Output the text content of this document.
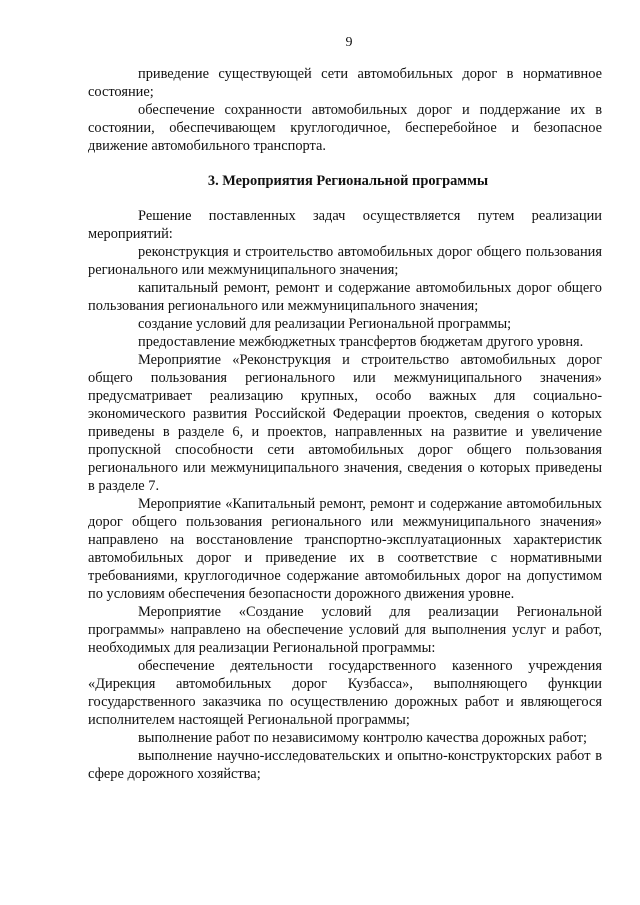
9

приведение существующей сети автомобильных дорог в нормативное состояние;

обеспечение сохранности автомобильных дорог и поддержание их в состоянии, обеспечивающем круглогодичное, бесперебойное и безопасное движение автомобильного транспорта.

3. Мероприятия Региональной программы

Решение поставленных задач осуществляется путем реализации мероприятий:

реконструкция и строительство автомобильных дорог общего пользования регионального или межмуниципального значения;

капитальный ремонт, ремонт и содержание автомобильных дорог общего пользования регионального или межмуниципального значения;

создание условий для реализации Региональной программы;

предоставление межбюджетных трансфертов бюджетам другого уровня.

Мероприятие «Реконструкция и строительство автомобильных дорог общего пользования регионального или межмуниципального значения» предусматривает реализацию крупных, особо важных для социально-экономического развития Российской Федерации проектов, сведения о которых приведены в разделе 6, и проектов, направленных на развитие и увеличение пропускной способности сети автомобильных дорог общего пользования регионального или межмуниципального значения, сведения о которых приведены в разделе 7.

Мероприятие «Капитальный ремонт, ремонт и содержание автомобильных дорог общего пользования регионального или межмуниципального значения» направлено на восстановление транспортно-эксплуатационных характеристик автомобильных дорог и приведение их в соответствие с нормативными требованиями, круглогодичное содержание автомобильных дорог на допустимом по условиям обеспечения безопасности дорожного движения уровне.

Мероприятие «Создание условий для реализации Региональной программы» направлено на обеспечение условий для выполнения услуг и работ, необходимых для реализации Региональной программы:

обеспечение деятельности государственного казенного учреждения «Дирекция автомобильных дорог Кузбасса», выполняющего функции государственного заказчика по осуществлению дорожных работ и являющегося исполнителем настоящей Региональной программы;

выполнение работ по независимому контролю качества дорожных работ;

выполнение научно-исследовательских и опытно-конструкторских работ в сфере дорожного хозяйства;
